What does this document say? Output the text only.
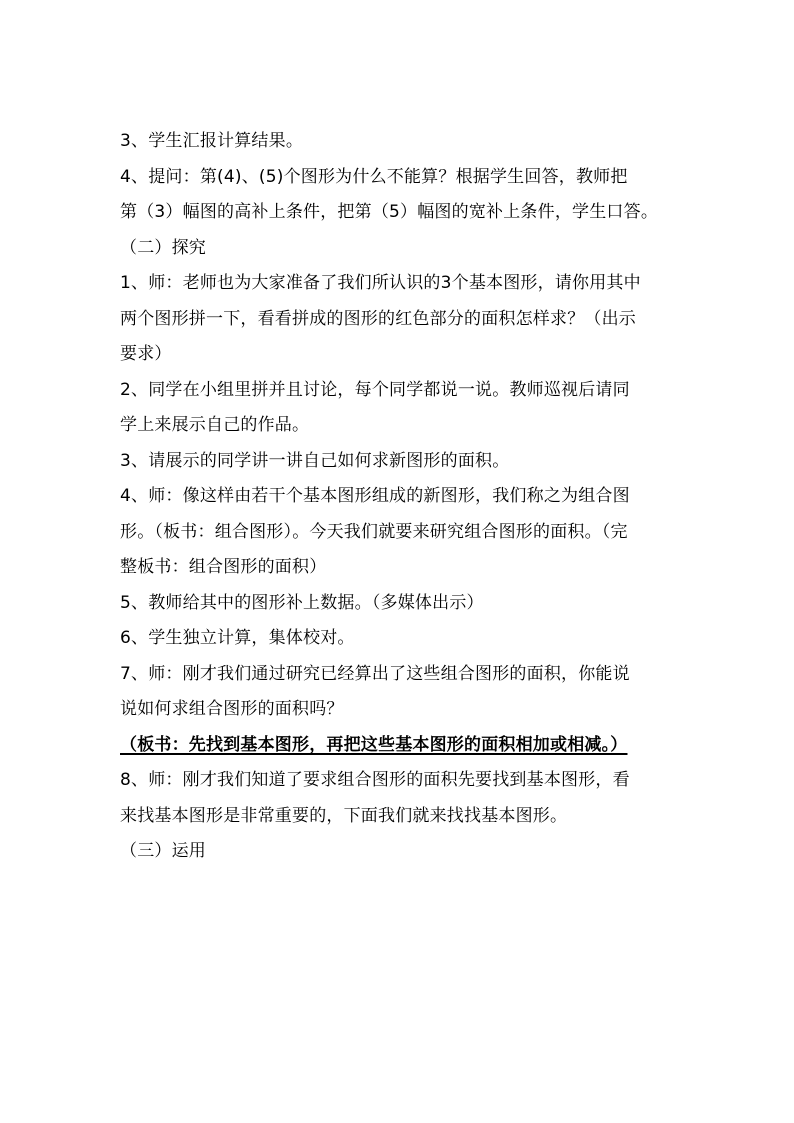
3、学生汇报计算结果。
4、提问：第(4)、(5)个图形为什么不能算？根据学生回答，教师把
第（3）幅图的高补上条件，把第（5）幅图的宽补上条件，学生口答。
（二）探究
1、师：老师也为大家准备了我们所认识的3个基本图形，请你用其中
两个图形拼一下，看看拼成的图形的红色部分的面积怎样求？（出示
要求）
2、同学在小组里拼并且讨论，每个同学都说一说。教师巡视后请同
学上来展示自己的作品。
3、请展示的同学讲一讲自己如何求新图形的面积。
4、师：像这样由若干个基本图形组成的新图形，我们称之为组合图
形。（板书：组合图形）。今天我们就要来研究组合图形的面积。（完
整板书：组合图形的面积）
5、教师给其中的图形补上数据。（多媒体出示）
6、学生独立计算，集体校对。
7、师：刚才我们通过研究已经算出了这些组合图形的面积，你能说
说如何求组合图形的面积吗？
（板书：先找到基本图形，再把这些基本图形的面积相加或相减。）
8、师：刚才我们知道了要求组合图形的面积先要找到基本图形，看
来找基本图形是非常重要的，下面我们就来找找基本图形。
（三）运用
